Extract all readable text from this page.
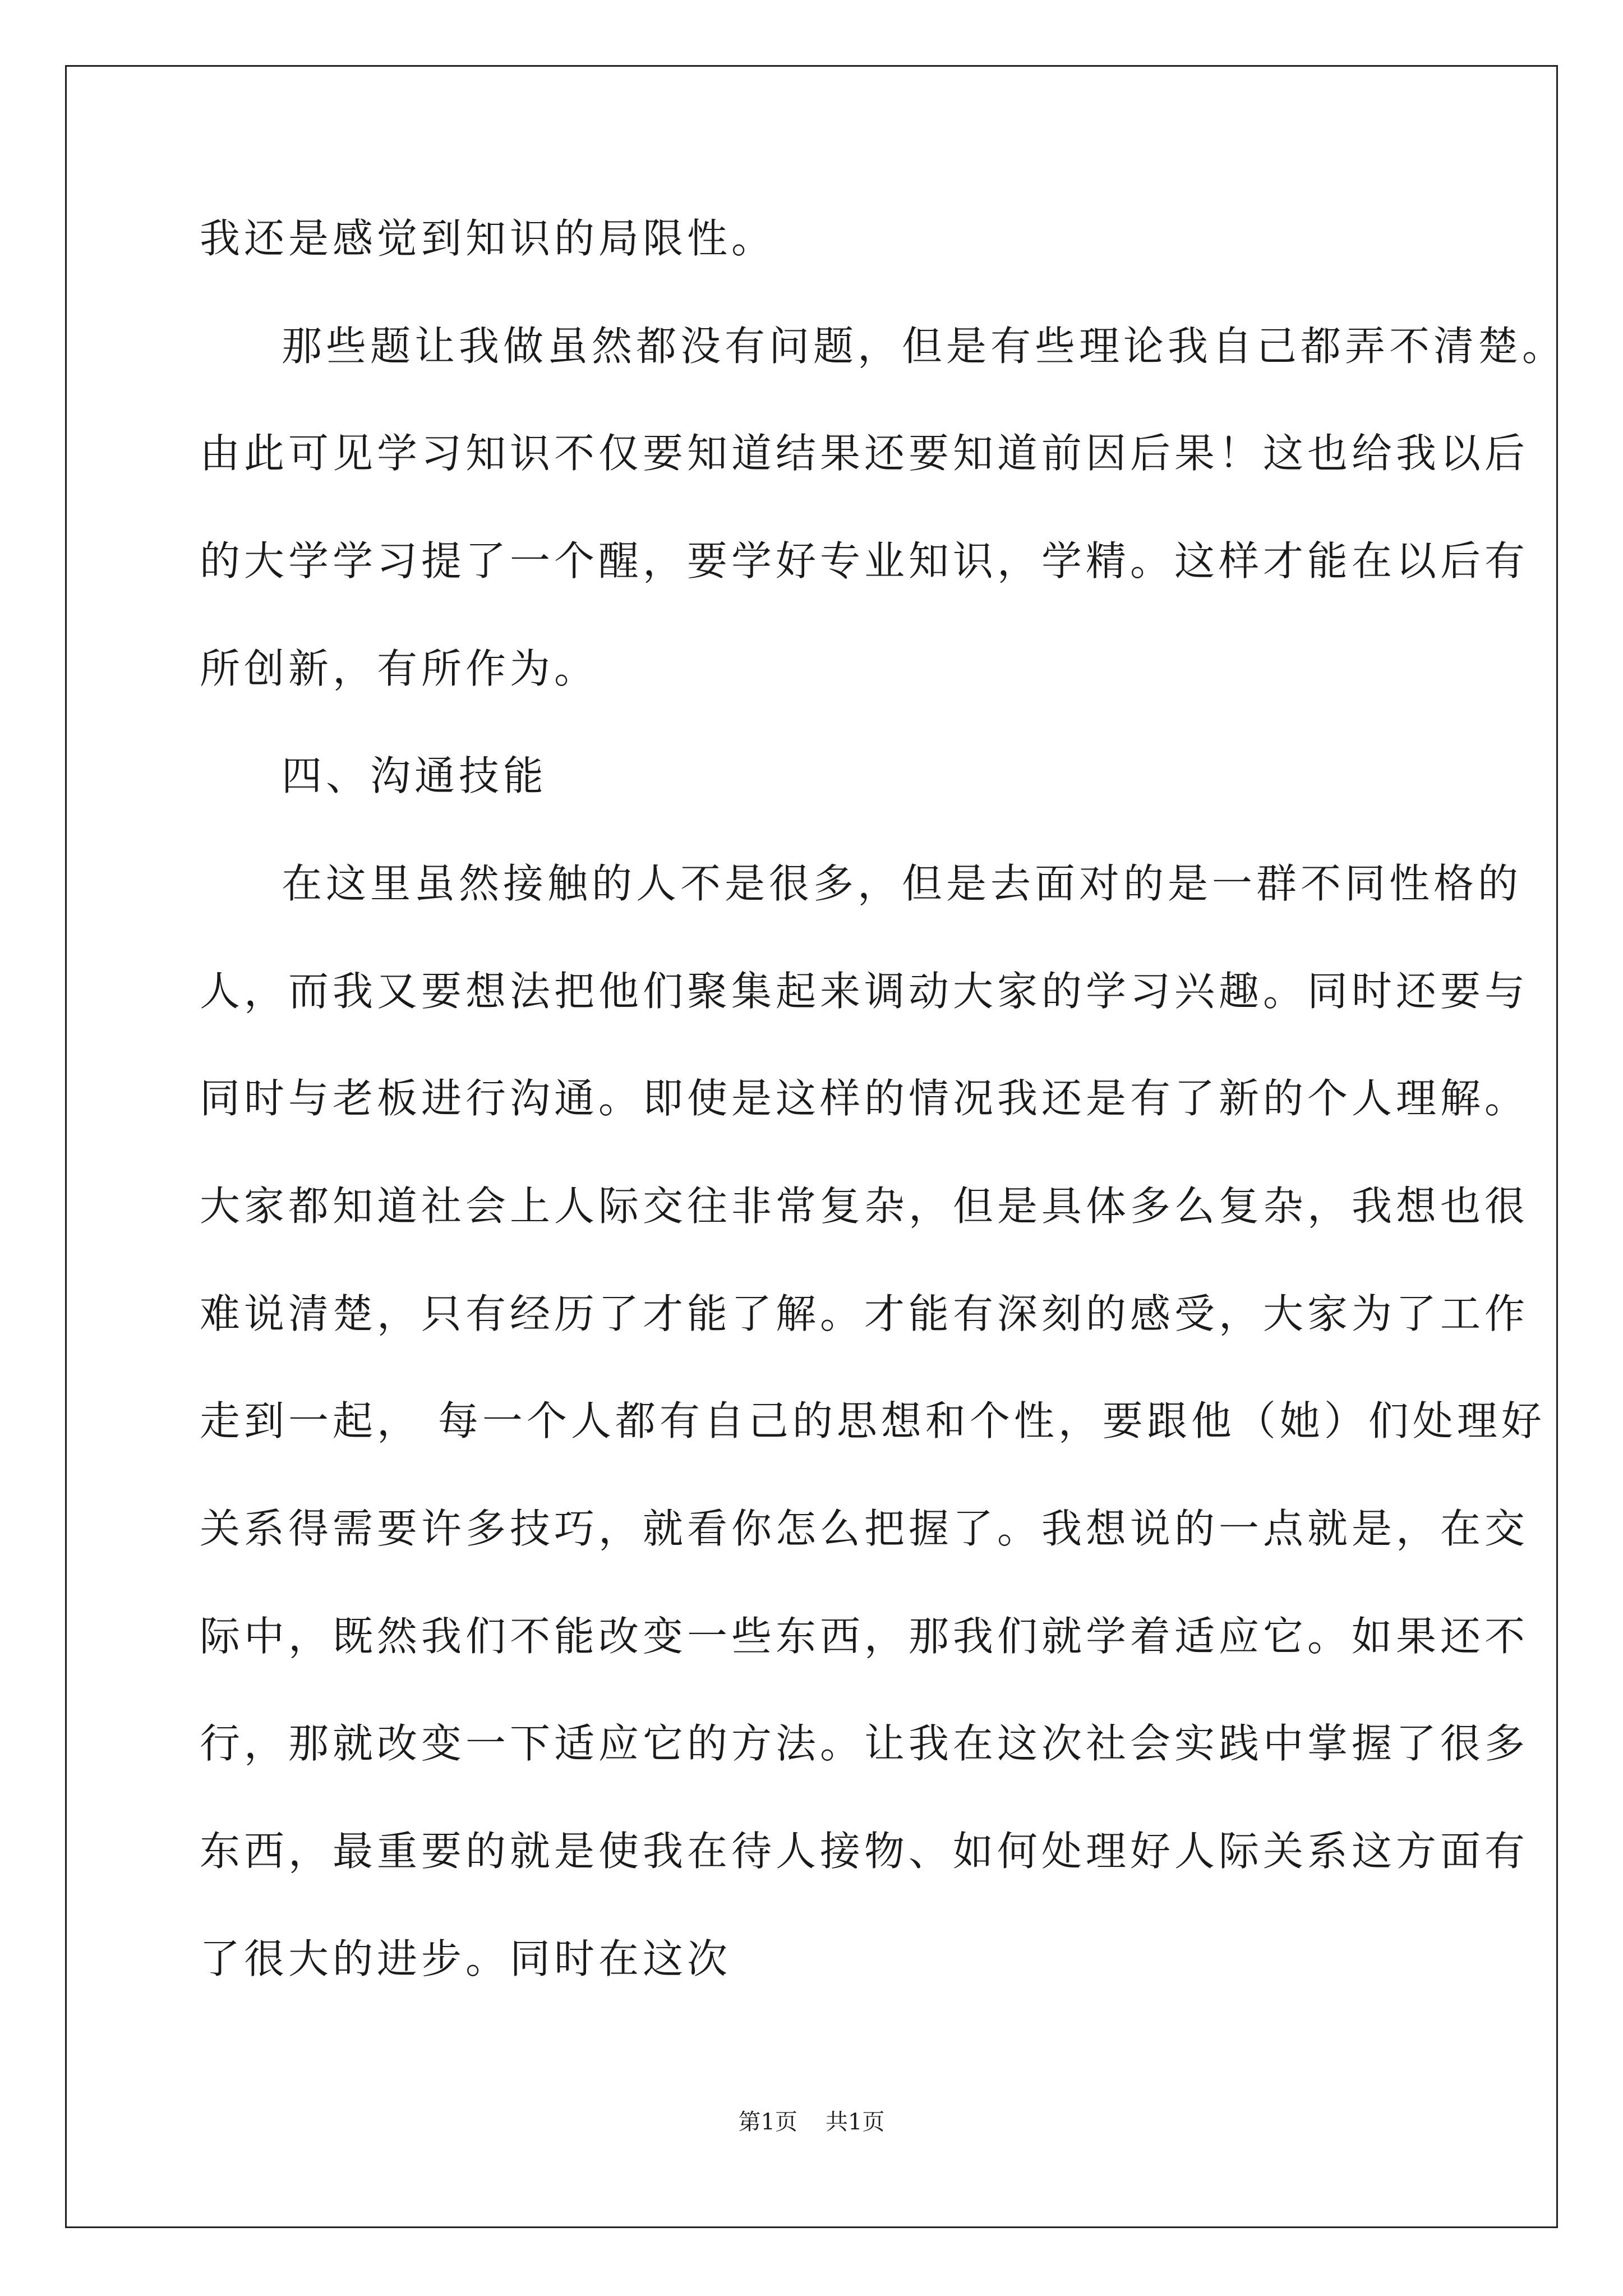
我还是感觉到知识的局限性。
那些题让我做虽然都没有问题，但是有些理论我自己都弄不清楚。
由此可见学习知识不仅要知道结果还要知道前因后果！这也给我以后
的大学学习提了一个醒，要学好专业知识，学精。这样才能在以后有
所创新，有所作为。
四、沟通技能
在这里虽然接触的人不是很多，但是去面对的是一群不同性格的
人，而我又要想法把他们聚集起来调动大家的学习兴趣。同时还要与
同时与老板进行沟通。即使是这样的情况我还是有了新的个人理解。
大家都知道社会上人际交往非常复杂，但是具体多么复杂，我想也很
难说清楚，只有经历了才能了解。才能有深刻的感受，大家为了工作
走到一起， 每一个人都有自己的思想和个性，要跟他（她）们处理好
关系得需要许多技巧，就看你怎么把握了。我想说的一点就是，在交
际中，既然我们不能改变一些东西，那我们就学着适应它。如果还不
行，那就改变一下适应它的方法。让我在这次社会实践中掌握了很多
东西，最重要的就是使我在待人接物、如何处理好人际关系这方面有
了很大的进步。同时在这次
第1页 共1页
